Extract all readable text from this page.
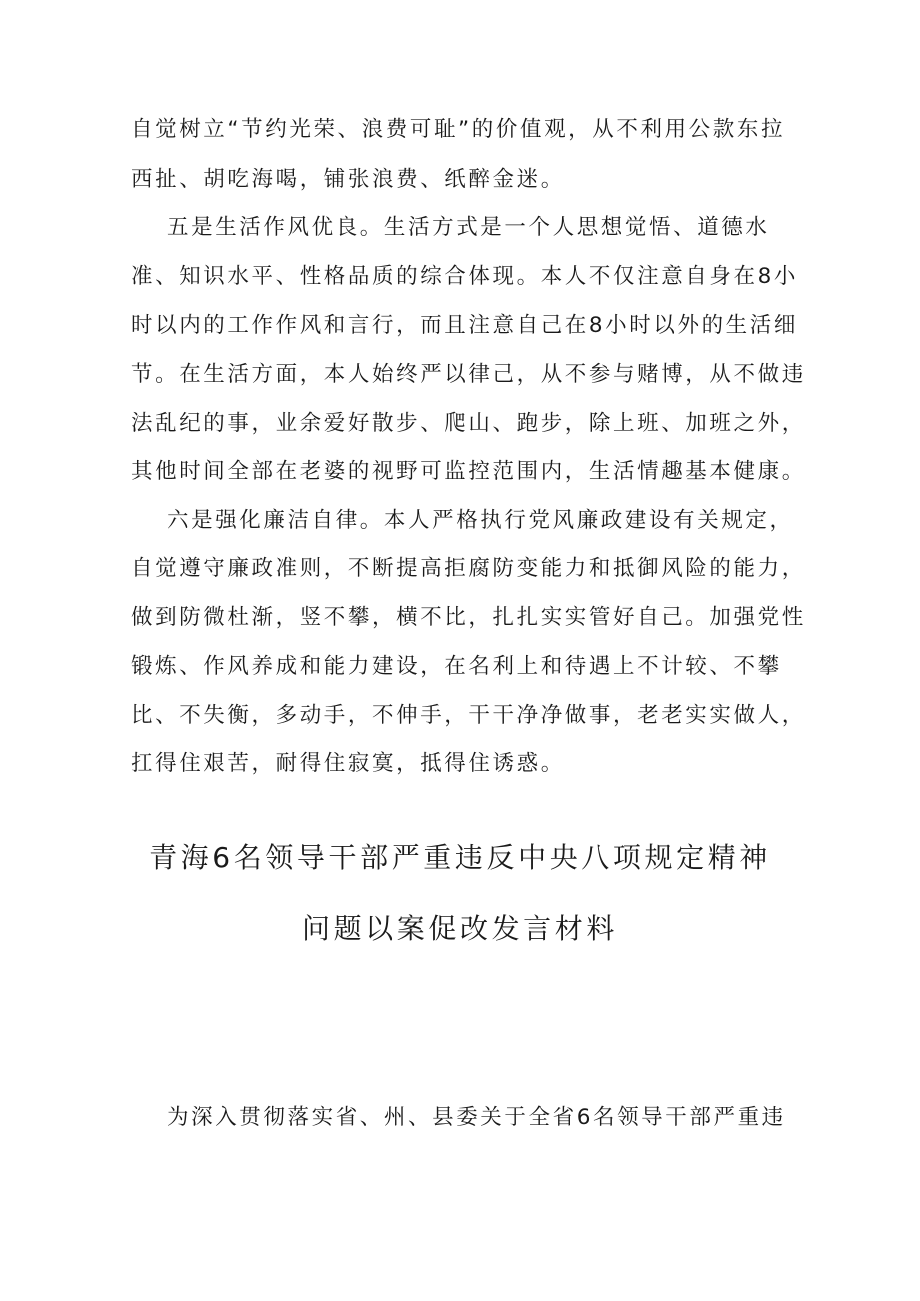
自觉树立“节约光荣、浪费可耻”的价值观，从不利用公款东拉
西扯、胡吃海喝，铺张浪费、纸醉金迷。
五是生活作风优良。生活方式是一个人思想觉悟、道德水
准、知识水平、性格品质的综合体现。本人不仅注意自身在8小
时以内的工作作风和言行，而且注意自己在8小时以外的生活细
节。在生活方面，本人始终严以律己，从不参与赌博，从不做违
法乱纪的事，业余爱好散步、爬山、跑步，除上班、加班之外，
其他时间全部在老婆的视野可监控范围内，生活情趣基本健康。
六是强化廉洁自律。本人严格执行党风廉政建设有关规定，
自觉遵守廉政准则，不断提高拒腐防变能力和抵御风险的能力，
做到防微杜渐，竖不攀，横不比，扎扎实实管好自己。加强党性
锻炼、作风养成和能力建设，在名利上和待遇上不计较、不攀
比、不失衡，多动手，不伸手，干干净净做事，老老实实做人，
扛得住艰苦，耐得住寂寞，抵得住诱惑。
青海6名领导干部严重违反中央八项规定精神
问题以案促改发言材料
为深入贯彻落实省、州、县委关于全省6名领导干部严重违
